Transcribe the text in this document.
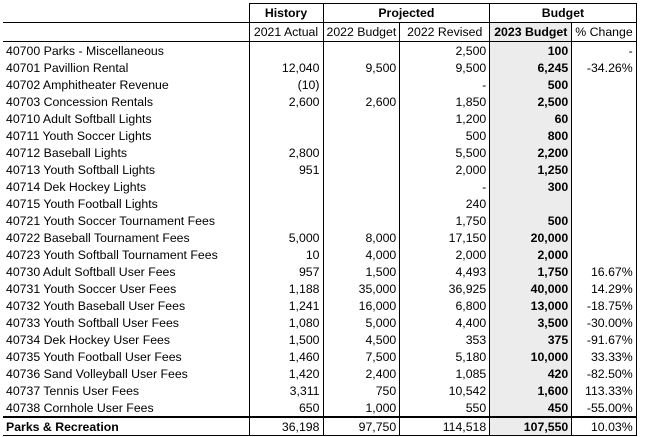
	History	Projected		Budget	
	2021 Actual	2022 Budget	2022 Revised	2023 Budget	% Change
40700 Parks - Miscellaneous			2,500	100	-
40701 Pavillion Rental	12,040	9,500	9,500	6,245	-34.26%
40702 Amphitheater Revenue	(10)		-	500	
40703 Concession Rentals	2,600	2,600	1,850	2,500	
40710 Adult Softball Lights			1,200	60	
40711 Youth Soccer Lights			500	800	
40712 Baseball Lights	2,800		5,500	2,200	
40713 Youth Softball Lights	951		2,000	1,250	
40714 Dek Hockey Lights			-	300	
40715 Youth Football Lights			240		
40721 Youth Soccer Tournament Fees			1,750	500	
40722 Baseball Tournament Fees	5,000	8,000	17,150	20,000	
40723 Youth Softball Tournament Fees	10	4,000	2,000	2,000	
40730 Adult Softball User Fees	957	1,500	4,493	1,750	16.67%
40731 Youth Soccer User Fees	1,188	35,000	36,925	40,000	14.29%
40732 Youth Baseball User Fees	1,241	16,000	6,800	13,000	-18.75%
40733 Youth Softball User Fees	1,080	5,000	4,400	3,500	-30.00%
40734 Dek Hockey User Fees	1,500	4,500	353	375	-91.67%
40735 Youth Football User Fees	1,460	7,500	5,180	10,000	33.33%
40736 Sand Volleyball User Fees	1,420	2,400	1,085	420	-82.50%
40737 Tennis User Fees	3,311	750	10,542	1,600	113.33%
40738 Cornhole User Fees	650	1,000	550	450	-55.00%
Parks & Recreation	36,198	97,750	114,518	107,550	10.03%
